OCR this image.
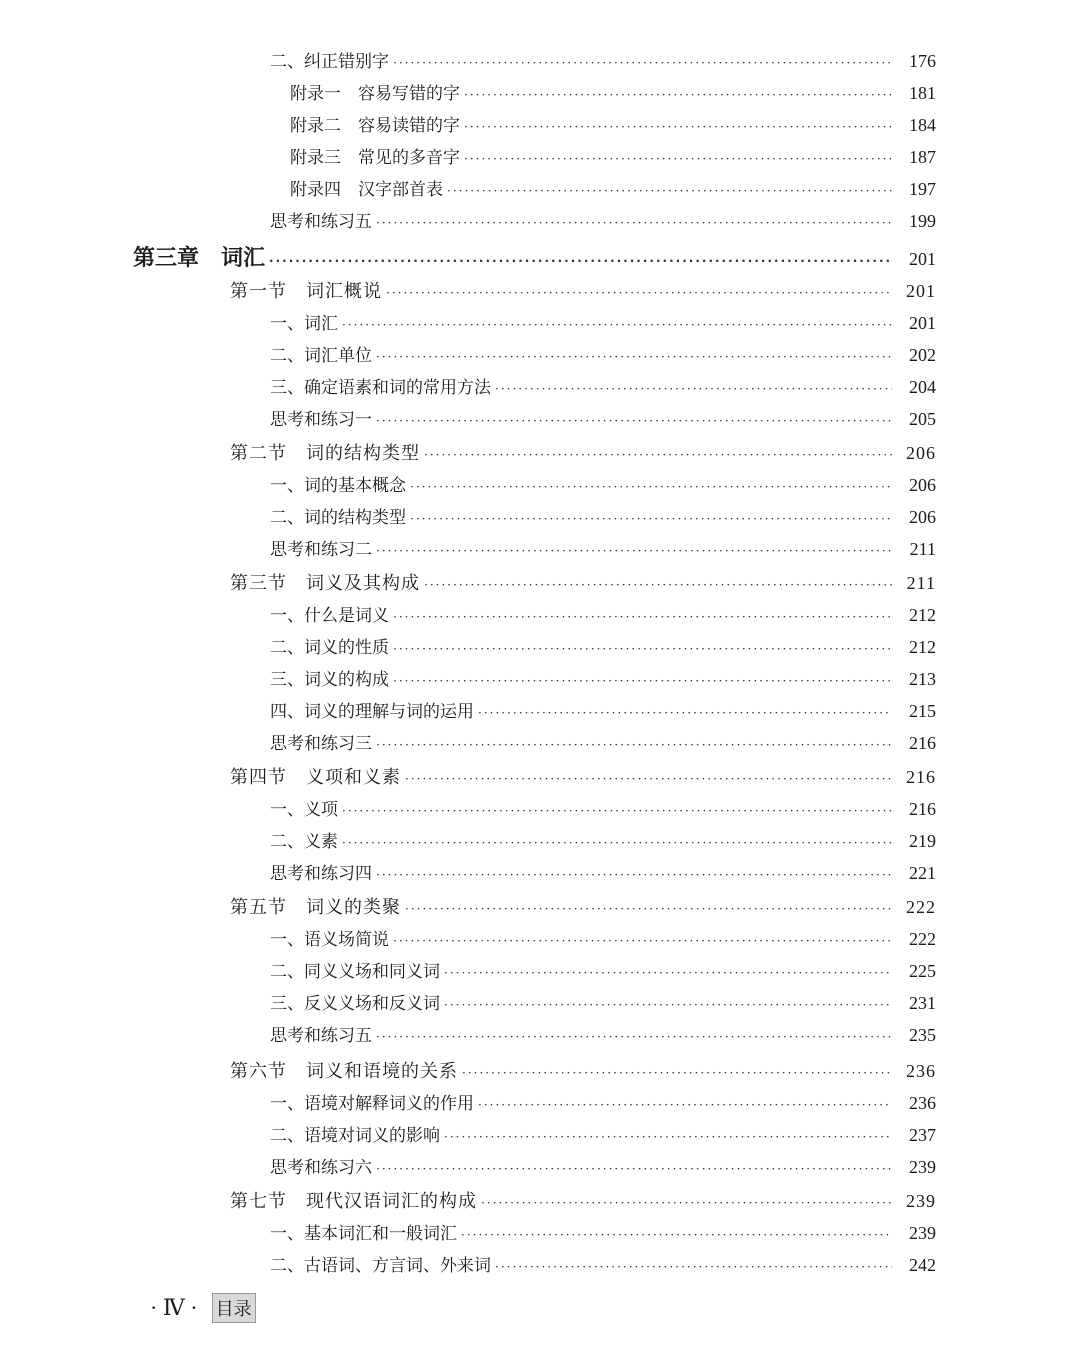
二、纠正错别字 ·····	176
附录一　容易写错的字 ·····	181
附录二　容易读错的字 ·····	184
附录三　常见的多音字 ·····	187
附录四　汉字部首表 ·····	197
思考和练习五 ·····	199
第三章　词汇 ·····	201
第一节　词汇概说 ·····	201
一、词汇 ·····	201
二、词汇单位 ·····	202
三、确定语素和词的常用方法 ·····	204
思考和练习一 ·····	205
第二节　词的结构类型 ·····	206
一、词的基本概念 ·····	206
二、词的结构类型 ·····	206
思考和练习二 ·····	211
第三节　词义及其构成 ·····	211
一、什么是词义 ·····	212
二、词义的性质 ·····	212
三、词义的构成 ·····	213
四、词义的理解与词的运用 ·····	215
思考和练习三 ·····	216
第四节　义项和义素 ·····	216
一、义项 ·····	216
二、义素 ·····	219
思考和练习四 ·····	221
第五节　词义的类聚 ·····	222
一、语义场简说 ·····	222
二、同义义场和同义词 ·····	225
三、反义义场和反义词 ·····	231
思考和练习五 ·····	235
第六节　词义和语境的关系 ·····	236
一、语境对解释词义的作用 ·····	236
二、语境对词义的影响 ·····	237
思考和练习六 ·····	239
第七节　现代汉语词汇的构成 ·····	239
一、基本词汇和一般词汇 ·····	239
二、古语词、方言词、外来词 ·····	242
· Ⅳ · 目录
